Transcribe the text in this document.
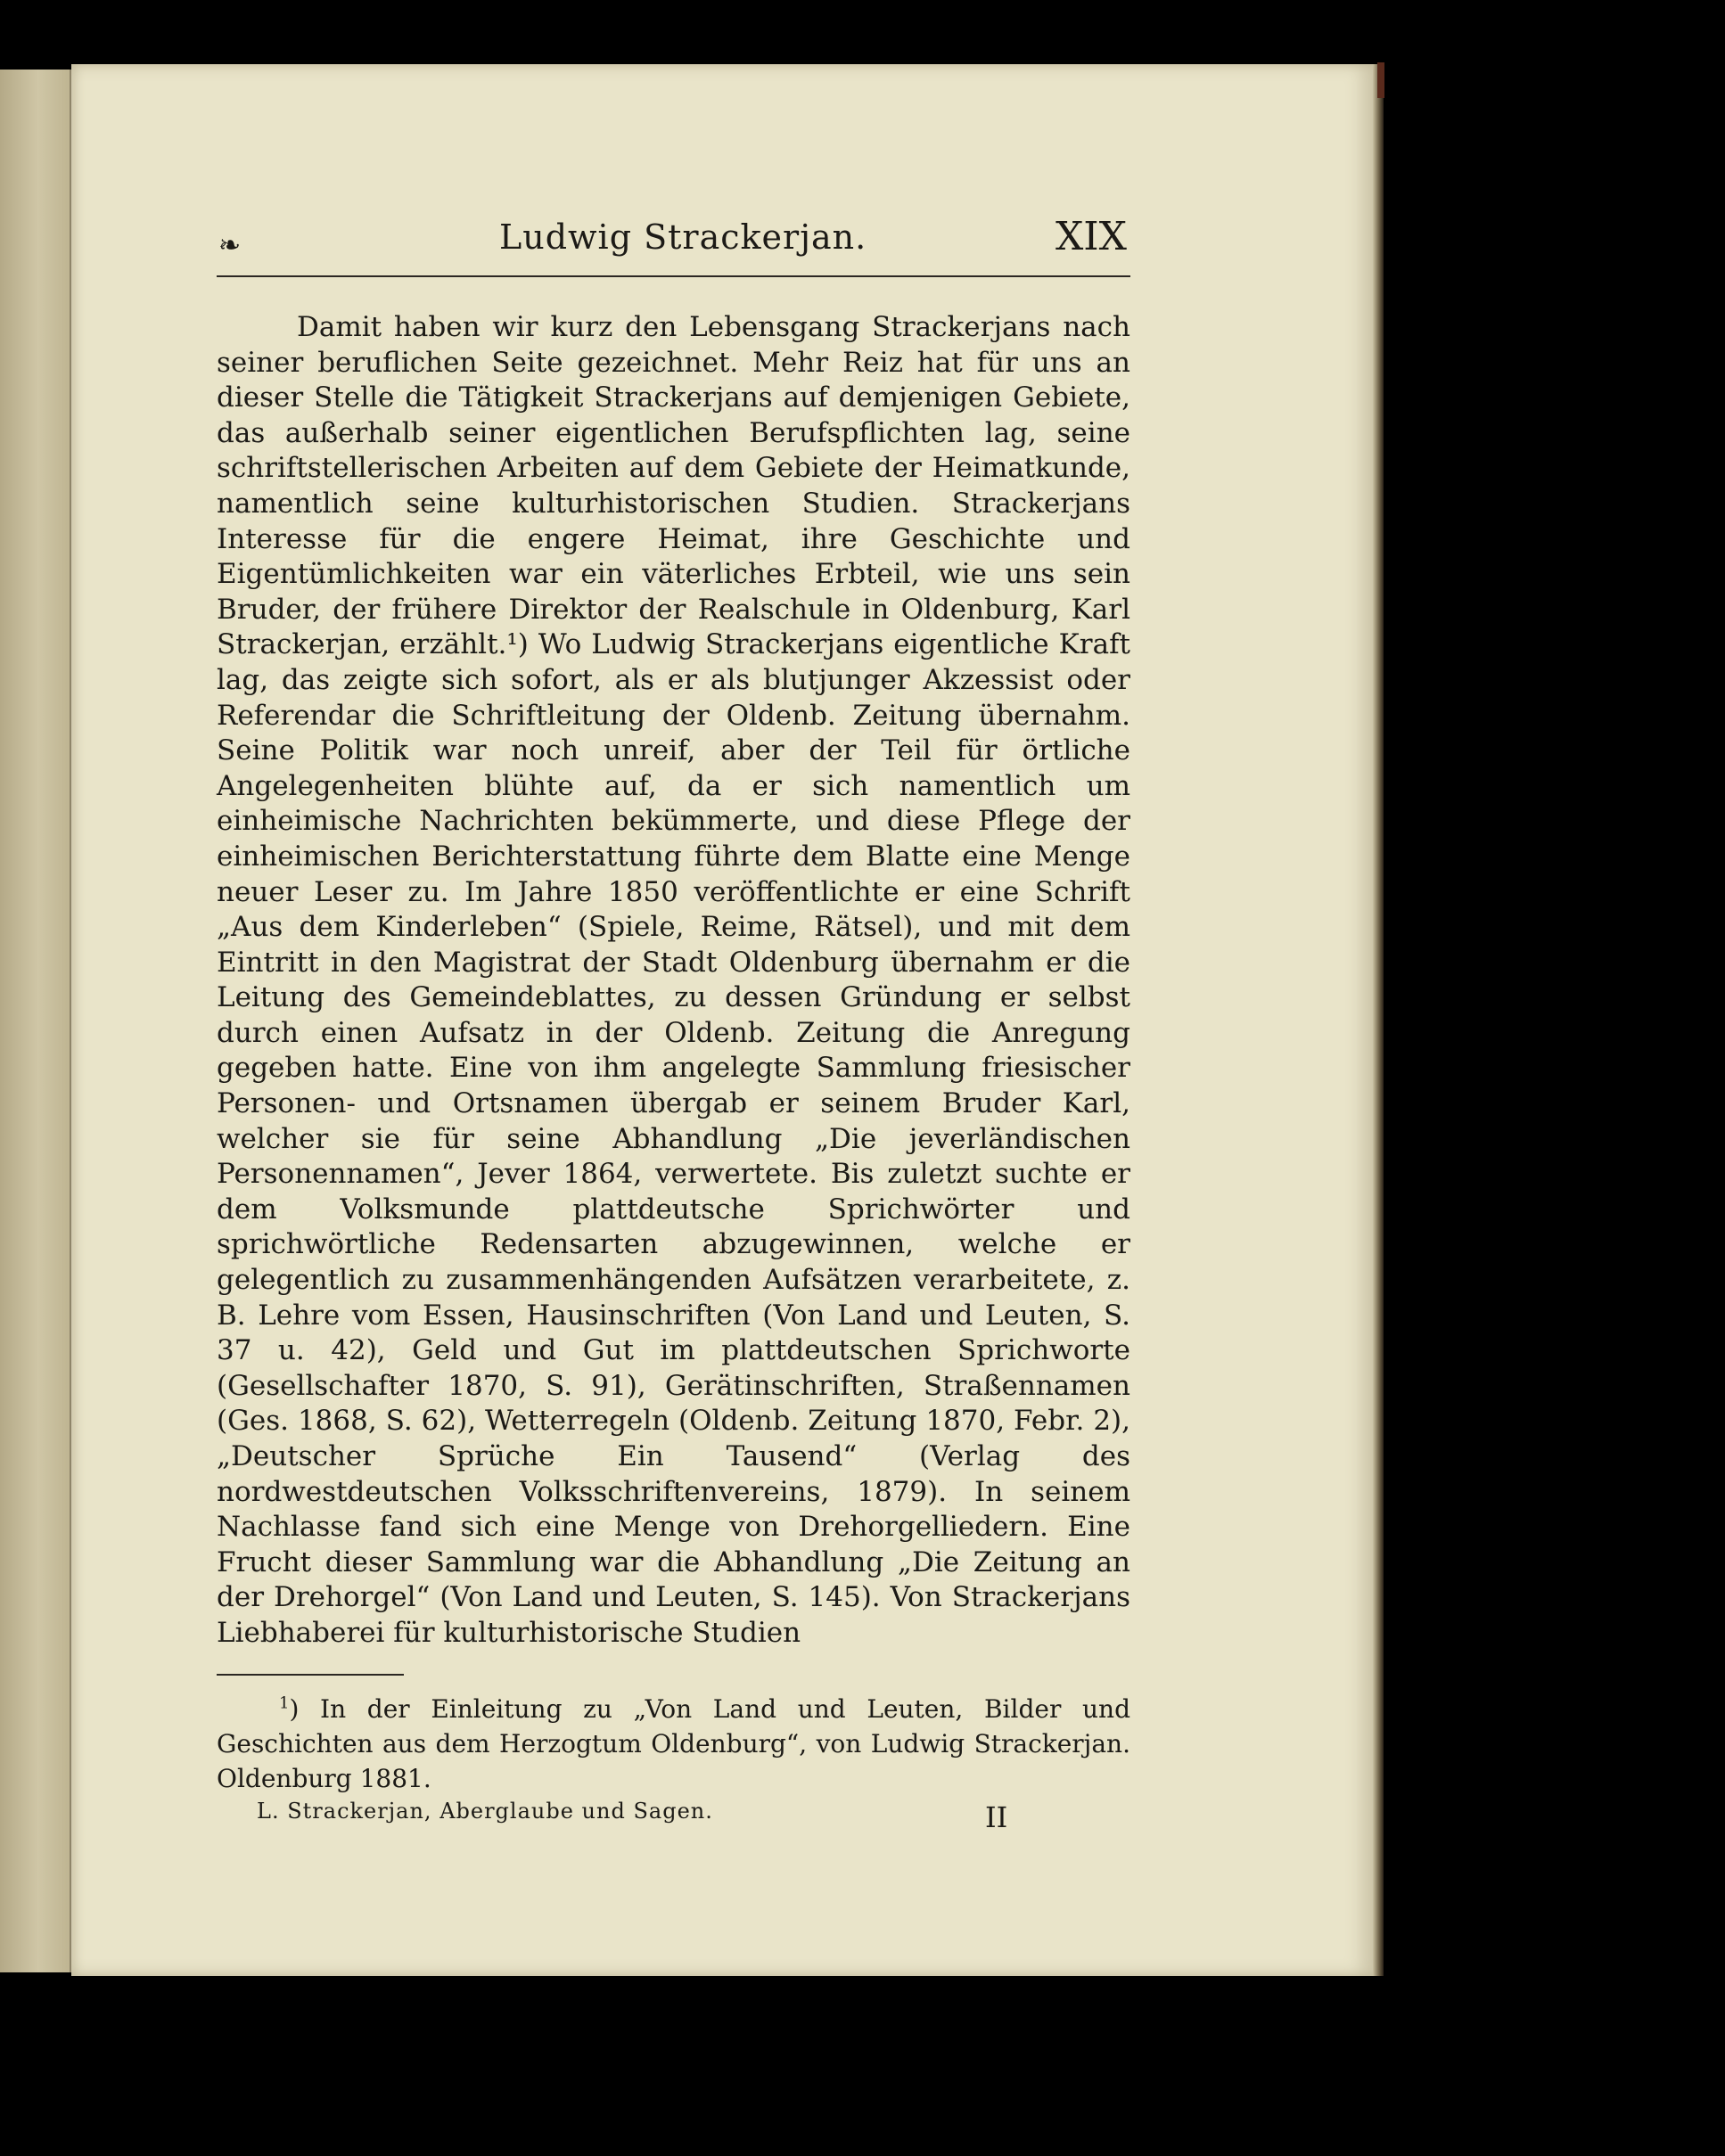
❧	Ludwig Strackerjan.	XIX

Damit haben wir kurz den Lebensgang Strackerjans nach seiner beruflichen Seite gezeichnet. Mehr Reiz hat für uns an dieser Stelle die Tätigkeit Strackerjans auf demjenigen Gebiete, das außerhalb seiner eigentlichen Berufspflichten lag, seine schriftstellerischen Arbeiten auf dem Gebiete der Heimatkunde, namentlich seine kulturhistorischen Studien. Strackerjans Interesse für die engere Heimat, ihre Geschichte und Eigentümlichkeiten war ein väterliches Erbteil, wie uns sein Bruder, der frühere Direktor der Realschule in Oldenburg, Karl Strackerjan, erzählt.¹) Wo Ludwig Strackerjans eigentliche Kraft lag, das zeigte sich sofort, als er als blutjunger Akzessist oder Referendar die Schriftleitung der Oldenb. Zeitung übernahm. Seine Politik war noch unreif, aber der Teil für örtliche Angelegenheiten blühte auf, da er sich namentlich um einheimische Nachrichten bekümmerte, und diese Pflege der einheimischen Berichterstattung führte dem Blatte eine Menge neuer Leser zu. Im Jahre 1850 veröffentlichte er eine Schrift „Aus dem Kinderleben“ (Spiele, Reime, Rätsel), und mit dem Eintritt in den Magistrat der Stadt Oldenburg übernahm er die Leitung des Gemeindeblattes, zu dessen Gründung er selbst durch einen Aufsatz in der Oldenb. Zeitung die Anregung gegeben hatte. Eine von ihm angelegte Sammlung friesischer Personen- und Ortsnamen übergab er seinem Bruder Karl, welcher sie für seine Abhandlung „Die jeverländischen Personennamen“, Jever 1864, verwertete. Bis zuletzt suchte er dem Volksmunde plattdeutsche Sprichwörter und sprichwörtliche Redensarten abzugewinnen, welche er gelegentlich zu zusammenhängenden Aufsätzen verarbeitete, z. B. Lehre vom Essen, Hausinschriften (Von Land und Leuten, S. 37 u. 42), Geld und Gut im plattdeutschen Sprichworte (Gesellschafter 1870, S. 91), Gerätinschriften, Straßennamen (Ges. 1868, S. 62), Wetterregeln (Oldenb. Zeitung 1870, Febr. 2), „Deutscher Sprüche Ein Tausend“ (Verlag des nordwestdeutschen Volksschriftenvereins, 1879). In seinem Nachlasse fand sich eine Menge von Drehorgelliedern. Eine Frucht dieser Sammlung war die Abhandlung „Die Zeitung an der Drehorgel“ (Von Land und Leuten, S. 145). Von Strackerjans Liebhaberei für kulturhistorische Studien

$^1$) In der Einleitung zu „Von Land und Leuten, Bilder und Geschichten aus dem Herzogtum Oldenburg“, von Ludwig Strackerjan. Oldenburg 1881.

L. Strackerjan, Aberglaube und Sagen.	II
